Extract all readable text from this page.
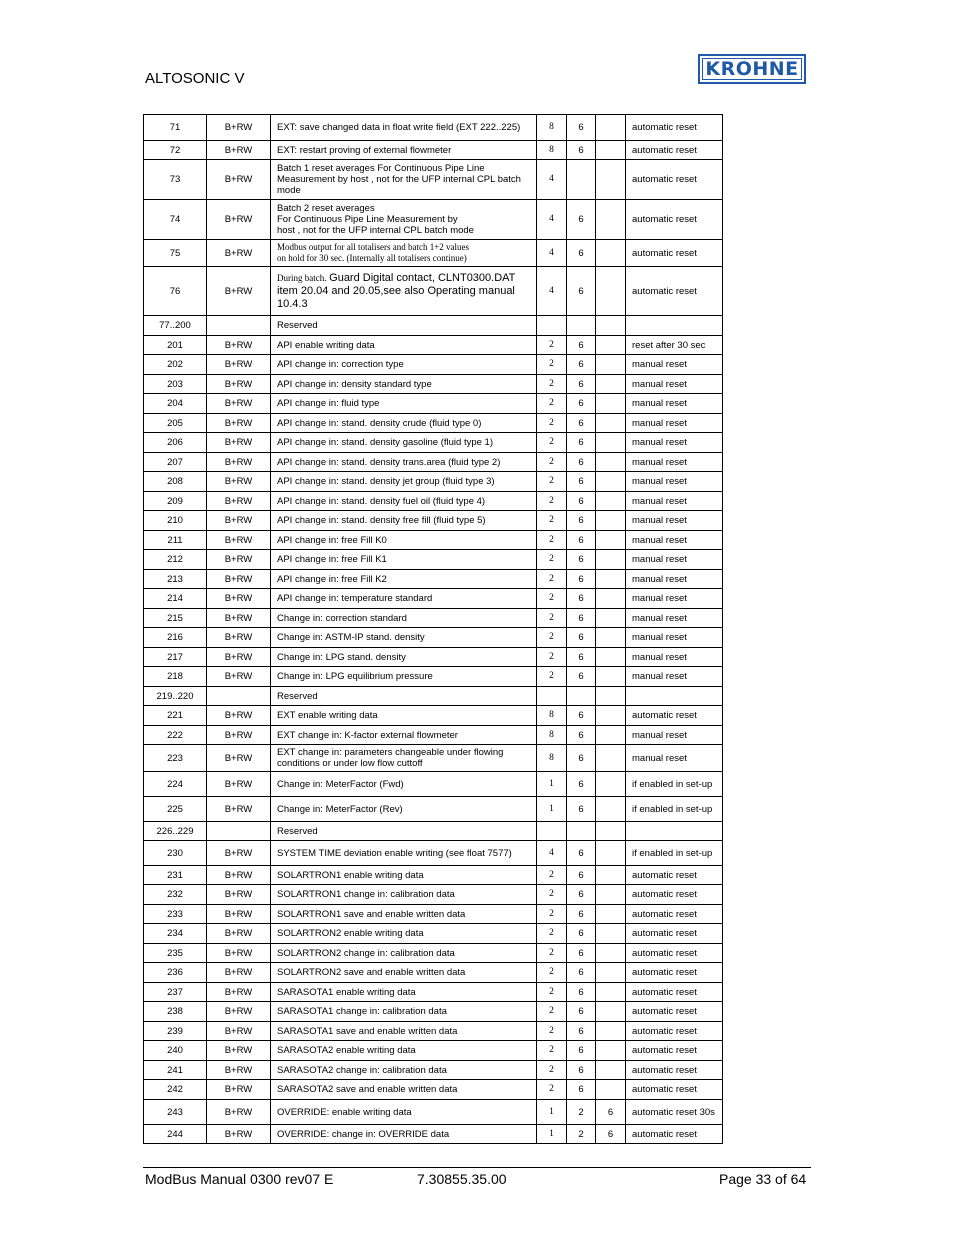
ALTOSONIC V	KROHNE
71	B+RW	EXT: save changed data in float write field (EXT 222..225)	8	6		automatic reset
72	B+RW	EXT: restart proving of external flowmeter	8	6		automatic reset
73	B+RW	Batch 1 reset averages For Continuous Pipe Line Measurement by host , not for the UFP internal CPL batch mode	4			automatic reset
74	B+RW	Batch 2 reset averages
For Continuous Pipe Line Measurement by
host , not for the UFP internal CPL batch mode	4	6		automatic reset
75	B+RW	Modbus output for all totalisers and batch 1+2 values
on hold for 30 sec. (Internally all totalisers continue)	4	6		automatic reset
76	B+RW	During batch. Guard Digital contact, CLNT0300.DAT item 20.04 and 20.05,see also Operating manual 10.4.3	4	6		automatic reset
77..200		Reserved				
201	B+RW	API enable writing data	2	6		reset after 30 sec
202	B+RW	API change in: correction type	2	6		manual reset
203	B+RW	API change in: density standard type	2	6		manual reset
204	B+RW	API change in: fluid type	2	6		manual reset
205	B+RW	API change in: stand. density crude (fluid type 0)	2	6		manual reset
206	B+RW	API change in: stand. density gasoline (fluid type 1)	2	6		manual reset
207	B+RW	API change in: stand. density trans.area (fluid type 2)	2	6		manual reset
208	B+RW	API change in: stand. density jet group (fluid type 3)	2	6		manual reset
209	B+RW	API change in: stand. density fuel oil (fluid type 4)	2	6		manual reset
210	B+RW	API change in: stand. density free fill (fluid type 5)	2	6		manual reset
211	B+RW	API change in: free Fill K0	2	6		manual reset
212	B+RW	API change in: free Fill K1	2	6		manual reset
213	B+RW	API change in: free Fill K2	2	6		manual reset
214	B+RW	API change in: temperature standard	2	6		manual reset
215	B+RW	Change in: correction standard	2	6		manual reset
216	B+RW	Change in: ASTM-IP stand. density	2	6		manual reset
217	B+RW	Change in: LPG stand. density	2	6		manual reset
218	B+RW	Change in: LPG equilibrium pressure	2	6		manual reset
219..220		Reserved				
221	B+RW	EXT enable writing data	8	6		automatic reset
222	B+RW	EXT change in: K-factor external flowmeter	8	6		manual reset
223	B+RW	EXT change in: parameters changeable under flowing conditions or under low flow cuttoff	8	6		manual reset
224	B+RW	Change in: MeterFactor (Fwd)	1	6		if enabled in set-up
225	B+RW	Change in: MeterFactor (Rev)	1	6		if enabled in set-up
226..229		Reserved				
230	B+RW	SYSTEM TIME deviation enable writing (see float 7577)	4	6		if enabled in set-up
231	B+RW	SOLARTRON1 enable writing data	2	6		automatic reset
232	B+RW	SOLARTRON1 change in: calibration data	2	6		automatic reset
233	B+RW	SOLARTRON1 save and enable written data	2	6		automatic reset
234	B+RW	SOLARTRON2 enable writing data	2	6		automatic reset
235	B+RW	SOLARTRON2 change in: calibration data	2	6		automatic reset
236	B+RW	SOLARTRON2 save and enable written data	2	6		automatic reset
237	B+RW	SARASOTA1 enable writing data	2	6		automatic reset
238	B+RW	SARASOTA1 change in: calibration data	2	6		automatic reset
239	B+RW	SARASOTA1 save and enable written data	2	6		automatic reset
240	B+RW	SARASOTA2 enable writing data	2	6		automatic reset
241	B+RW	SARASOTA2 change in: calibration data	2	6		automatic reset
242	B+RW	SARASOTA2 save and enable written data	2	6		automatic reset
243	B+RW	OVERRIDE: enable writing data	1	2	6	automatic reset 30s
244	B+RW	OVERRIDE: change in: OVERRIDE data	1	2	6	automatic reset
ModBus Manual 0300 rev07 E	7.30855.35.00	Page 33 of 64
